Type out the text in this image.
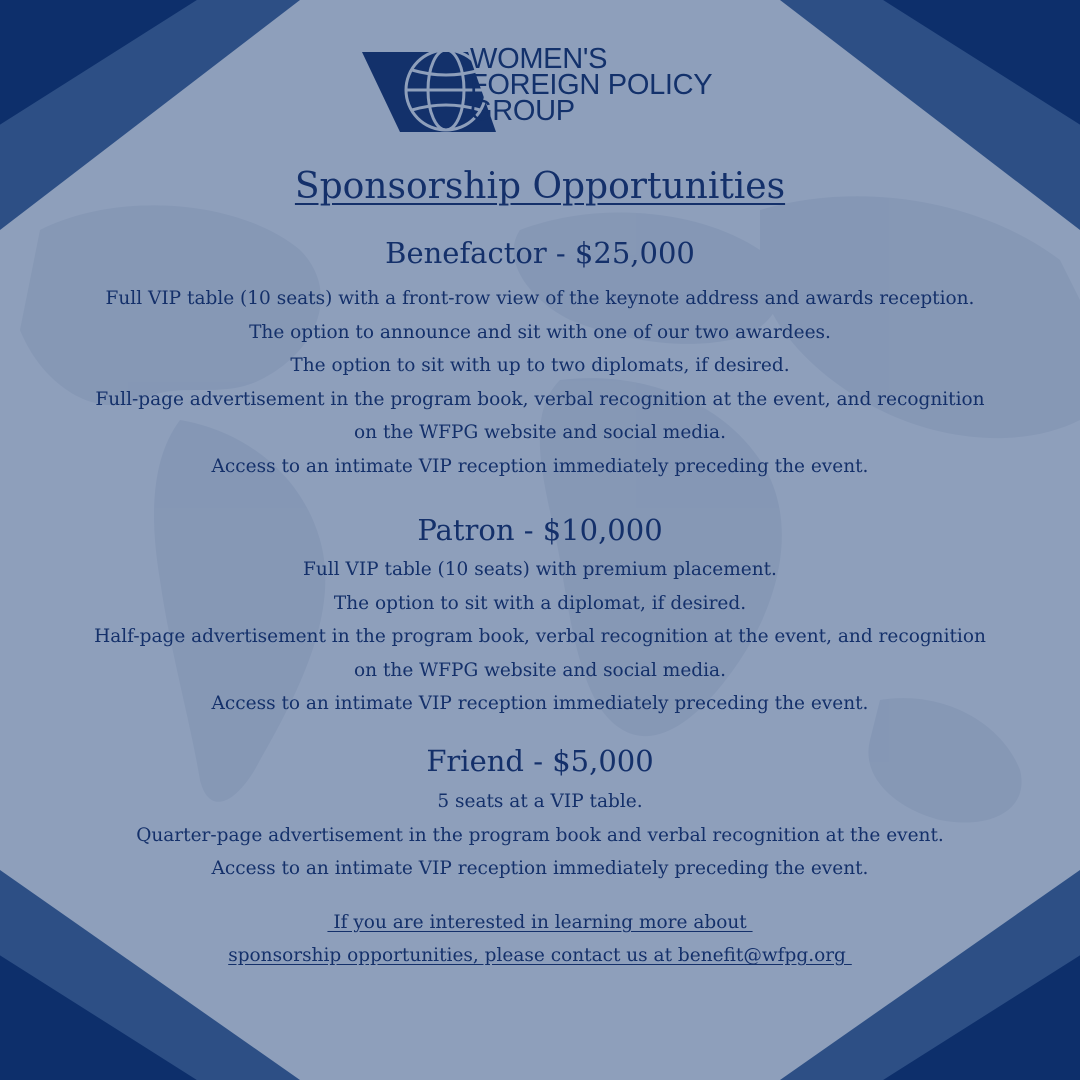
WOMEN'S
FOREIGN POLICY
GROUP
Sponsorship Opportunities
Benefactor - $25,000
Full VIP table (10 seats) with a front-row view of the keynote address and awards reception.
The option to announce and sit with one of our two awardees.
The option to sit with up to two diplomats, if desired.
Full-page advertisement in the program book, verbal recognition at the event, and recognition
on the WFPG website and social media.
Access to an intimate VIP reception immediately preceding the event.
Patron - $10,000
Full VIP table (10 seats) with premium placement.
The option to sit with a diplomat, if desired.
Half-page advertisement in the program book, verbal recognition at the event, and recognition
on the WFPG website and social media.
Access to an intimate VIP reception immediately preceding the event.
Friend - $5,000
5 seats at a VIP table.
Quarter-page advertisement in the program book and verbal recognition at the event.
Access to an intimate VIP reception immediately preceding the event.
If you are interested in learning more about
sponsorship opportunities, please contact us at benefit@wfpg.org
